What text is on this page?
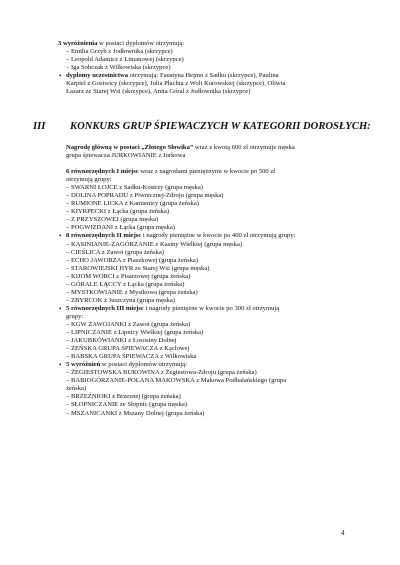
3 wyróżnienia w postaci dyplomów otrzymują:
– Emilia Grzyb z Jodłownika (skrzypce)
– Leopold Adamicz z Limanowej (skrzypce)
– Iga Sobczak z Wilkowiska (skrzypce)
• dyplomy uczestnictwa otrzymują: Faustyna Hejmo z Sadku (skrzypce), Paulina
Karpiel z Gostwicy (skrzypce), Julia Płachta z Woli Kurowskiej (skrzypce), Oliwia
Łazarz ze Starej Wsi (skrzypce), Anita Góral z Jodłownika (skrzypce)
III KONKURS GRUP ŚPIEWACZYCH W KATEGORII DOROSŁYCH:
Nagrodę główną w postaci „Złotego Słowika” wraz z kwotą 600 zł otrzymuje męska
grupa śpiewacza JURKOWIANIE z Jurkowa
6 równorzędnych I miejsc wraz z nagrodami pieniężnymi w kwocie po 500 zł
otrzymują grupy:
– SWARNI ŁOJCE z Sadku-Kostrzy (grupa męska)
– DOLINA POPRADU z Piwnicznej-Zdroju (grupa męska)
– RUMIONE LICKA z Kamienicy (grupa żeńska)
– KIYRPECKI z Łącka (grupa żeńska)
– Z PRZYSZOWEJ (grupa męska)
– POGWIZDANI z Łącka (grupa męska)
• 8 równorzędnych II miejsc i nagrody pieniężne w kwocie po 400 zł otrzymują grupy:
– KASINIANIE-ZAGÓRZANIE z Kasiny Wielkiej (grupa męska)
– CIEŚLICA z Zawoi (grupa żeńska)
– ECHO JAWORZA z Ptaszkowej (grupa żeńska)
– STAROWIEJSKI HYR ze Starej Wsi (grupa męska)
– KIJOM WORCI z Pisarzowej (grupa żeńska)
– GÓRALE ŁĄCCY z Łącka (grupa żeńska)
– MYSTKOWIANIE z Mystkowa (grupa żeńska)
– ZBYRCOK z Juszczyna (grupa męska)
• 5 równorzędnych III miejsc i nagrody pieniężne w kwocie po 300 zł otrzymują
grupy:
– KGW ZAWOJANKI z Zawoi (grupa żeńska)
– LIPNICZANIE z Lipnicy Wielkiej (grupa żeńska)
– JAKUBKÓWIANKI z Łososiny Dolnej
– ŻEŃSKA GRUPA ŚPIEWACZA z Kąclowej
– BABSKA GRUPA ŚPIEWACZA z Wilkowiska
• 5 wyróżnień w postaci dyplomów otrzymują:
– ŻEGIESTOWSKA BUKOWINA z Żegiestowa-Zdroju (grupa żeńska)
– BABIOGÓRZANIE-POLANA MAKOWSKA z Makowa Podhalańskiego (grupa
żeńska)
– BRZEŹNIOKI z Brzeznej (grupa żeńska)
– SŁOPNICZANIE ze Słopnic (grupa męska)
– MSZANICANKI z Mszany Dolnej (grupa żeńska)
4
